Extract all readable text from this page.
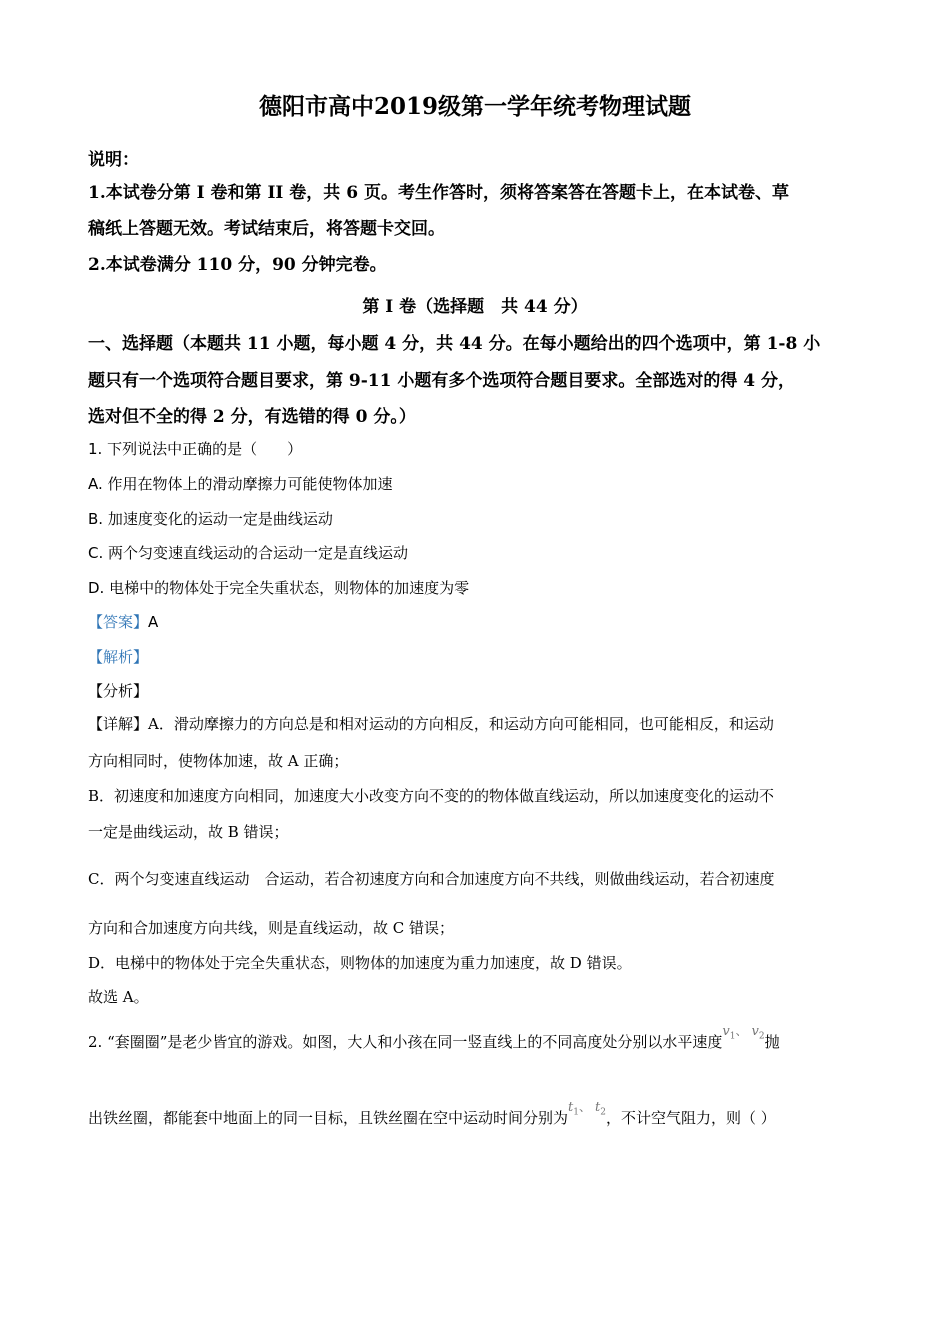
德阳市高中2019级第一学年统考物理试题
说明：
1.本试卷分第 I 卷和第 II 卷，共 6 页。考生作答时，须将答案答在答题卡上，在本试卷、草
稿纸上答题无效。考试结束后，将答题卡交回。
2.本试卷满分 110 分，90 分钟完卷。
第 I 卷（选择题　共 44 分）
一、选择题（本题共 11 小题，每小题 4 分，共 44 分。在每小题给出的四个选项中，第 1-8 小
题只有一个选项符合题目要求，第 9-11 小题有多个选项符合题目要求。全部选对的得 4 分，
选对但不全的得 2 分，有选错的得 0 分。）
1. 下列说法中正确的是（　　）
A. 作用在物体上的滑动摩擦力可能使物体加速
B. 加速度变化的运动一定是曲线运动
C. 两个匀变速直线运动的合运动一定是直线运动
D. 电梯中的物体处于完全失重状态，则物体的加速度为零
【答案】A
【解析】
【分析】
【详解】A．滑动摩擦力的方向总是和相对运动的方向相反，和运动方向可能相同，也可能相反，和运动
方向相同时，使物体加速，故 A 正确；
B．初速度和加速度方向相同，加速度大小改变方向不变的的物体做直线运动，所以加速度变化的运动不
一定是曲线运动，故 B 错误；
C．两个匀变速直线运动　合运动，若合初速度方向和合加速度方向不共线，则做曲线运动，若合初速度
方向和合加速度方向共线，则是直线运动，故 C 错误；
D．电梯中的物体处于完全失重状态，则物体的加速度为重力加速度，故 D 错误。
故选 A。
2. “套圈圈”是老少皆宜的游戏。如图，大人和小孩在同一竖直线上的不同高度处分别以水平速度$v_1^、$ $v_2$抛
出铁丝圈，都能套中地面上的同一目标，且铁丝圈在空中运动时间分别为$t_1^、$ $t_2$，不计空气阻力，则（ ）
